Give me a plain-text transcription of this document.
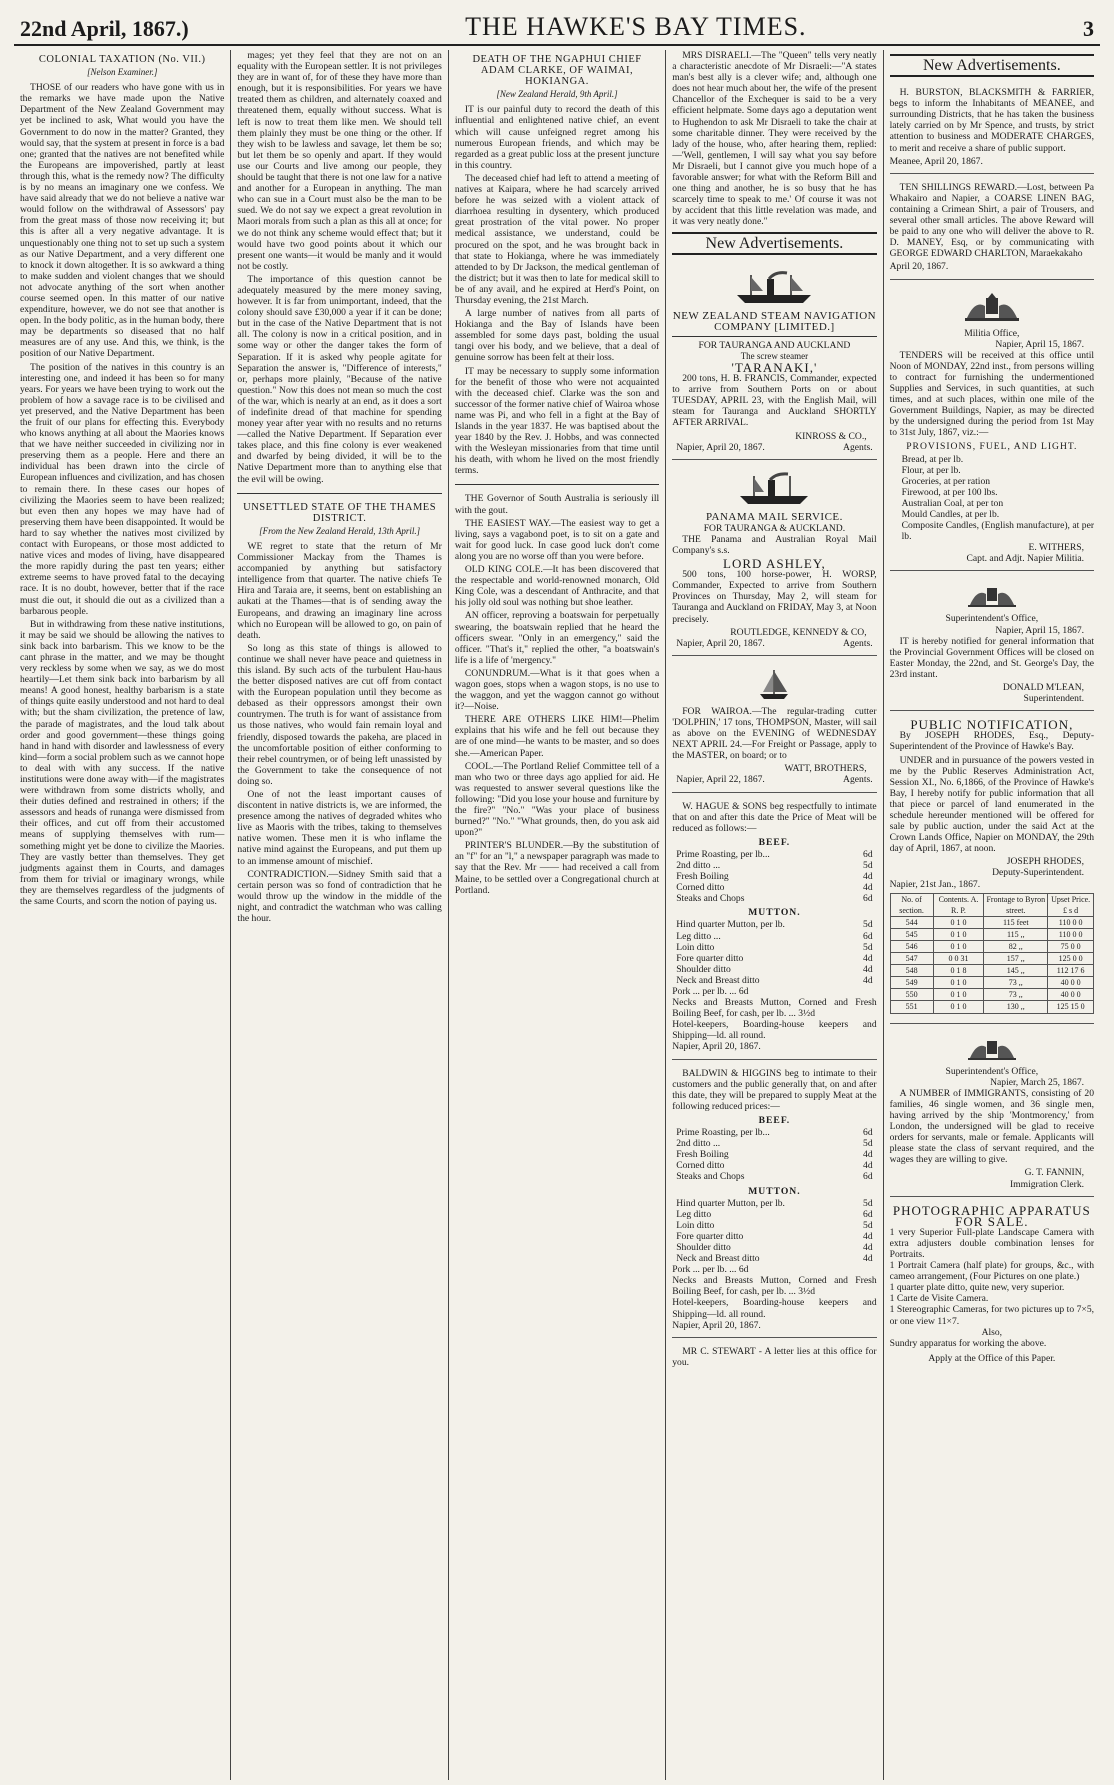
22nd April, 1867.)	THE HAWKE'S BAY TIMES.	3
COLONIAL TAXATION (No. VII.)
[Nelson Examiner.]

THOSE of our readers who have gone with us in the remarks we have made upon the Native Department of the New Zealand Government may yet be inclined to ask, What would you have the Government to do now in the matter? Granted, they would say, that the system at present in force is a bad one; granted that the natives are not benefited while the Europeans are impoverished, partly at least through this, what is the remedy now? The difficulty is by no means an imaginary one we confess. We have said already that we do not believe a native war would follow on the withdrawal of Assessors' pay from the great mass of those now receiving it; but this is after all a very negative advantage. It is unquestionably one thing not to set up such a system as our Native Department, and a very different one to knock it down altogether. It is so awkward a thing to make sudden and violent changes that we should not advocate anything of the sort when another course seemed open. In this matter of our native expenditure, however, we do not see that another is open. In the body politic, as in the human body, there may be departments so diseased that no half measures are of any use. And this, we think, is the position of our Native Department.

The position of the natives in this country is an interesting one, and indeed it has been so for many years. For years we have been trying to work out the problem of how a savage race is to be civilised and yet preserved, and the Native Department has been the fruit of our plans for effecting this. Everybody who knows anything at all about the Maories knows that we have neither succeeded in civilizing nor in preserving them as a people. Here and there an individual has been drawn into the circle of European influences and civilization, and has chosen to remain there. In these cases our hopes of civilizing the Maories seem to have been realized; but even then any hopes we may have had of preserving them have been disappointed. It would be hard to say whether the natives most civilized by contact with Europeans, or those most addicted to native vices and modes of living, have disappeared the more rapidly during the past ten years; either extreme seems to have proved fatal to the decaying race. It is no doubt, however, better that if the race must die out, it should die out as a civilized than a barbarous people.

But in withdrawing from these native institutions, it may be said we should be allowing the natives to sink back into barbarism. This we know to be the cant phrase in the matter, and we may be thought very reckless by some when we say, as we do most heartily—Let them sink back into barbarism by all means! A good honest, healthy barbarism is a state of things quite easily understood and not hard to deal with; but the sham civilization, the pretence of law, the parade of magistrates, and the loud talk about order and good government—these things going hand in hand with disorder and lawlessness of every kind—form a social problem such as we cannot hope to deal with with any success. If the native institutions were done away with—if the magistrates were withdrawn from some districts wholly, and their duties defined and restrained in others; if the assessors and heads of runanga were dismissed from their offices, and cut off from their accustomed means of supplying themselves with rum—something might yet be done to civilize the Maories. They are vastly better than themselves. They get judgments against them in Courts, and damages from them for trivial or imaginary wrongs, while they are themselves regardless of the judgments of the same Courts, and scorn the notion of paying us.

mages; yet they feel that they are not on an equality with the European settler. It is not privileges they are in want of, for of these they have more than enough, but it is responsibilities. For years we have treated them as children, and alternately coaxed and threatened them, equally without success. What is left is now to treat them like men. We should tell them plainly they must be one thing or the other. If they wish to be lawless and savage, let them be so; but let them be so openly and apart. If they would use our Courts and live among our people, they should be taught that there is not one law for a native and another for a European in anything. The man who can sue in a Court must also be the man to be sued. We do not say we expect a great revolution in Maori morals from such a plan as this all at once; for we do not think any scheme would effect that; but it would have two good points about it which our present one wants—it would be manly and it would not be costly.

The importance of this question cannot be adequately measured by the mere money saving, however. It is far from unimportant, indeed, that the colony should save £30,000 a year if it can be done; but in the case of the Native Department that is not all. The colony is now in a critical position, and in some way or other the danger takes the form of Separation. If it is asked why people agitate for Separation the answer is, "Difference of interests," or, perhaps more plainly, "Because of the native question." Now this does not mean so much the cost of the war, which is nearly at an end, as it does a sort of indefinite dread of that machine for spending money year after year with no results and no returns—called the Native Department. If Separation ever takes place, and this fine colony is ever weakened and dwarfed by being divided, it will be to the Native Department more than to anything else that the evil will be owing.

UNSETTLED STATE OF THE THAMES DISTRICT.
[From the New Zealand Herald, 13th April.]

WE regret to state that the return of Mr Commissioner Mackay from the Thames is accompanied by anything but satisfactory intelligence from that quarter. The native chiefs Te Hira and Taraia are, it seems, bent on establishing an aukati at the Thames—that is of sending away the Europeans, and drawing an imaginary line across which no European will be allowed to go, on pain of death.

So long as this state of things is allowed to continue we shall never have peace and quietness in this island. By such acts of the turbulent Hau-haus the better disposed natives are cut off from contact with the European population until they become as debased as their oppressors amongst their own countrymen. The truth is for want of assistance from us those natives, who would fain remain loyal and friendly, disposed towards the pakeha, are placed in the uncomfortable position of either conforming to their rebel countrymen, or of being left unassisted by the Government to take the consequence of not doing so.

One of not the least important causes of discontent in native districts is, we are informed, the presence among the natives of degraded whites who live as Maoris with the tribes, taking to themselves native women. These men it is who inflame the native mind against the Europeans, and put them up to an immense amount of mischief.

CONTRADICTION.—Sidney Smith said that a certain person was so fond of contradiction that he would throw up the window in the middle of the night, and contradict the watchman who was calling the hour.

DEATH OF THE NGAPHUI CHIEF ADAM CLARKE, OF WAIMAI, HOKIANGA.
[New Zealand Herald, 9th April.]

IT is our painful duty to record the death of this influential and enlightened native chief, an event which will cause unfeigned regret among his numerous European friends, and which may be regarded as a great public loss at the present juncture in this country.

The deceased chief had left to attend a meeting of natives at Kaipara, where he had scarcely arrived before he was seized with a violent attack of diarrhoea resulting in dysentery, which produced great prostration of the vital power. No proper medical assistance, we understand, could be procured on the spot, and he was brought back in that state to Hokianga, where he was immediately attended to by Dr Jackson, the medical gentleman of the district; but it was then to late for medical skill to be of any avail, and he expired at Herd's Point, on Thursday evening, the 21st March.

A large number of natives from all parts of Hokianga and the Bay of Islands have been assembled for some days past, bolding the usual tangi over his body, and we believe, that a deal of genuine sorrow has been felt at their loss.

IT may be necessary to supply some information for the benefit of those who were not acquainted with the deceased chief. Clarke was the son and successor of the former native chief of Wairoa whose name was Pi, and who fell in a fight at the Bay of Islands in the year 1837. He was baptised about the year 1840 by the Rev. J. Hobbs, and was connected with the Wesleyan missionaries from that time until his death, with whom he lived on the most friendly terms.

THE Governor of South Australia is seriously ill with the gout.

THE EASIEST WAY.—The easiest way to get a living, says a vagabond poet, is to sit on a gate and wait for good luck. In case good luck don't come along you are no worse off than you were before.

OLD KING COLE.—It has been discovered that the respectable and world-renowned monarch, Old King Cole, was a descendant of Anthracite, and that his jolly old soul was nothing but shoe leather.

AN officer, reproving a boatswain for perpetually swearing, the boatswain replied that he heard the officers swear. "Only in an emergency," said the officer. "That's it," replied the other, "a boatswain's life is a life of 'mergency."

CONUNDRUM.—What is it that goes when a wagon goes, stops when a wagon stops, is no use to the waggon, and yet the waggon cannot go without it?—Noise.

THERE ARE OTHERS LIKE HIM!—Phelim explains that his wife and he fell out because they are of one mind—he wants to be master, and so does she.—American Paper.

COOL.—The Portland Relief Committee tell of a man who two or three days ago applied for aid. He was requested to answer several questions like the following: "Did you lose your house and furniture by the fire?" "No." "Was your place of business burned?" "No." "What grounds, then, do you ask aid upon?"

PRINTER'S BLUNDER.—By the substitution of an "f" for an "l," a newspaper paragraph was made to say that the Rev. Mr —— had received a call from Maine, to be settled over a Congregational church at Portland.

MRS DISRAELI.—The "Queen" tells very neatly a characteristic anecdote of Mr Disraeli:—"A states man's best ally is a clever wife; and, although one does not hear much about her, the wife of the present Chancellor of the Exchequer is said to be a very efficient helpmate. Some days ago a deputation went to Hughendon to ask Mr Disraeli to take the chair at some charitable dinner. They were received by the lady of the house, who, after hearing them, replied:—'Well, gentlemen, I will say what you say before Mr Disraeli, but I cannot give you much hope of a favorable answer; for what with the Reform Bill and one thing and another, he is so busy that he has scarcely time to speak to me.' Of course it was not by accident that this little revelation was made, and it was very neatly done."

New Advertisements.
NEW ZEALAND STEAM NAVIGATION COMPANY [LIMITED.]
FOR TAURANGA AND AUCKLAND
The screw steamer
'TARANAKI,'

200 tons, H. B. FRANCIS, Commander, expected to arrive from Southern Ports on or about TUESDAY, APRIL 23, with the English Mail, will steam for Tauranga and Auckland SHORTLY AFTER ARRIVAL.

KINROSS & CO.,
Napier, April 20, 1867.	Agents.
PANAMA MAIL SERVICE.
FOR TAURANGA & AUCKLAND.

THE Panama and Australian Royal Mail Company's s.s.

LORD ASHLEY,

500 tons, 100 horse-power, H. WORSP, Commander, Expected to arrive from Southern Provinces on Thursday, May 2, will steam for Tauranga and Auckland on FRIDAY, May 3, at Noon precisely.

ROUTLEDGE, KENNEDY & CO,
Napier, April 20, 1867.	Agents.

FOR WAIROA.—The regular-trading cutter 'DOLPHIN,' 17 tons, THOMPSON, Master, will sail as above on the EVENING of WEDNESDAY NEXT APRIL 24.—For Freight or Passage, apply to the MASTER, on board; or to

WATT, BROTHERS,
Napier, April 22, 1867.	Agents.

W. HAGUE & SONS beg respectfully to intimate that on and after this date the Price of Meat will be reduced as follows:—

BEEF.
Prime Roasting, per lb...	6d
2nd ditto ...	5d
Fresh Boiling	4d
Corned ditto	4d
Steaks and Chops	6d
MUTTON.
Hind quarter Mutton, per lb.	5d
Leg ditto ...	6d
Loin ditto	5d
Fore quarter ditto	4d
Shoulder ditto	4d
Neck and Breast ditto	4d
Pork ... per lb. ... 6d
Necks and Breasts Mutton, Corned and Fresh Boiling Beef, for cash, per lb. ... 3½d
Hotel-keepers, Boarding-house keepers and Shipping—ld. all round.
Napier, April 20, 1867.

BALDWIN & HIGGINS beg to intimate to their customers and the public generally that, on and after this date, they will be prepared to supply Meat at the following reduced prices:—

BEEF.
Prime Roasting, per lb...	6d
2nd ditto ...	5d
Fresh Boiling	4d
Corned ditto	4d
Steaks and Chops	6d
MUTTON.
Hind quarter Mutton, per lb.	5d
Leg ditto	6d
Loin ditto	5d
Fore quarter ditto	4d
Shoulder ditto	4d
Neck and Breast ditto	4d
Pork ... per lb. ... 6d
Necks and Breasts Mutton, Corned and Fresh Boiling Beef, for cash, per lb. ... 3½d
Hotel-keepers, Boarding-house keepers and Shipping—ld. all round.
Napier, April 20, 1867.

MR C. STEWART - A letter lies at this office for you.

New Advertisements.

H. BURSTON, BLACKSMITH & FARRIER, begs to inform the Inhabitants of MEANEE, and surrounding Districts, that he has taken the business lately carried on by Mr Spence, and trusts, by strict attention to business and MODERATE CHARGES, to merit and receive a share of public support.

Meanee, April 20, 1867.

TEN SHILLINGS REWARD.—Lost, between Pa Whakairo and Napier, a COARSE LINEN BAG, containing a Crimean Shirt, a pair of Trousers, and several other small articles. The above Reward will be paid to any one who will deliver the above to R. D. MANEY, Esq, or by communicating with GEORGE EDWARD CHARLTON, Maraekakaho

April 20, 1867.
Militia Office,
Napier, April 15, 1867.

TENDERS will be received at this office until Noon of MONDAY, 22nd inst., from persons willing to contract for furnishing the undermentioned Supplies and Services, in such quantities, at such times, and at such places, within one mile of the Government Buildings, Napier, as may be directed by the undersigned during the period from 1st May to 31st July, 1867, viz.:—

PROVISIONS, FUEL, AND LIGHT.
Bread, at per lb.
Flour, at per lb.
Groceries, at per ration
Firewood, at per 100 lbs.
Australian Coal, at per ton
Mould Candles, at per lb.
Composite Candles, (English manufacture), at per lb.
E. WITHERS,
Capt. and Adjt. Napier Militia.
Superintendent's Office,
Napier, April 15, 1867.

IT is hereby notified for general information that the Provincial Government Offices will be closed on Easter Monday, the 22nd, and St. George's Day, the 23rd instant.

DONALD M'LEAN,
Superintendent.
PUBLIC NOTIFICATION,

By JOSEPH RHODES, Esq., Deputy-Superintendent of the Province of Hawke's Bay.

UNDER and in pursuance of the powers vested in me by the Public Reserves Administration Act, Session XI., No. 6,1866, of the Province of Hawke's Bay, I hereby notify for public information that all that piece or parcel of land enumerated in the schedule hereunder mentioned will be offered for sale by public auction, under the said Act at the Crown Lands Office, Napier on MONDAY, the 29th day of April, 1867, at noon.

JOSEPH RHODES,
Deputy-Superintendent.
Napier, 21st Jan., 1867.
No. of section.	Contents. A. R. P.	Frontage to Byron street.	Upset Price. £ s d
544	0 1 0	115 feet	110 0 0
545	0 1 0	115 ,,	110 0 0
546	0 1 0	82 ,,	75 0 0
547	0 0 31	157 ,,	125 0 0
548	0 1 8	145 ,,	112 17 6
549	0 1 0	73 ,,	40 0 0
550	0 1 0	73 ,,	40 0 0
551	0 1 0	130 ,,	125 15 0
Superintendent's Office,
Napier, March 25, 1867.

A NUMBER of IMMIGRANTS, consisting of 20 families, 46 single women, and 36 single men, having arrived by the ship 'Montmorency,' from London, the undersigned will be glad to receive orders for servants, male or female. Applicants will please state the class of servant required, and the wages they are willing to give.

G. T. FANNIN,
Immigration Clerk.
PHOTOGRAPHIC APPARATUS FOR SALE.
1 very Superior Full-plate Landscape Camera with extra adjusters double combination lenses for Portraits.
1 Portrait Camera (half plate) for groups, &c., with cameo arrangement, (Four Pictures on one plate.)
1 quarter plate ditto, quite new, very superior.
1 Carte de Visite Camera.
1 Stereographic Cameras, for two pictures up to 7×5, or one view 11×7.
Also,
Sundry apparatus for working the above.
Apply at the Office of this Paper.
